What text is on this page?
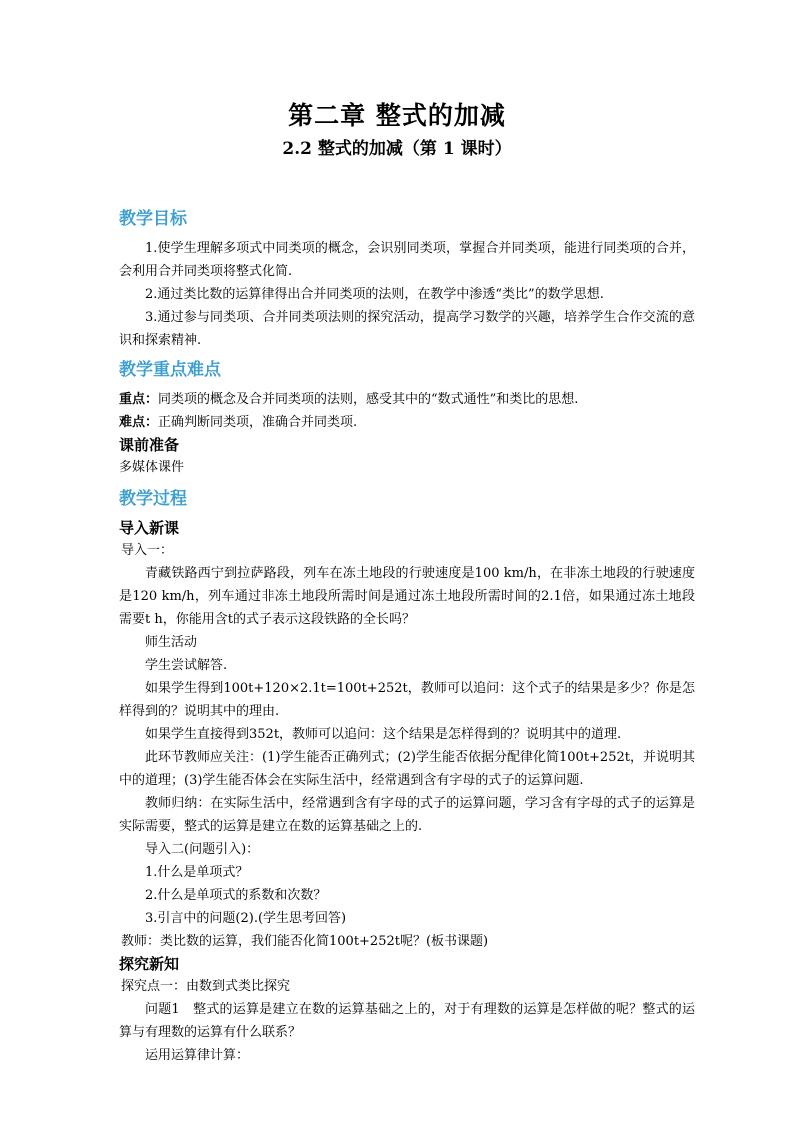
第二章 整式的加减
2.2 整式的加减（第 1 课时）
教学目标

1.使学生理解多项式中同类项的概念，会识别同类项，掌握合并同类项，能进行同类项的合并，会利用合并同类项将整式化简.

2.通过类比数的运算律得出合并同类项的法则，在教学中渗透“类比”的数学思想.

3.通过参与同类项、合并同类项法则的探究活动，提高学习数学的兴趣，培养学生合作交流的意识和探索精神.

教学重点难点

重点：同类项的概念及合并同类项的法则，感受其中的“数式通性”和类比的思想.

难点：正确判断同类项，准确合并同类项.

课前准备

多媒体课件

教学过程
导入新课

导入一：

青藏铁路西宁到拉萨路段，列车在冻土地段的行驶速度是100 km/h，在非冻土地段的行驶速度是120 km/h，列车通过非冻土地段所需时间是通过冻土地段所需时间的2.1倍，如果通过冻土地段需要t h，你能用含t的式子表示这段铁路的全长吗？

师生活动

学生尝试解答.

如果学生得到100t+120×2.1t=100t+252t，教师可以追问：这个式子的结果是多少？你是怎样得到的？说明其中的理由.

如果学生直接得到352t，教师可以追问：这个结果是怎样得到的？说明其中的道理.

此环节教师应关注：(1)学生能否正确列式；(2)学生能否依据分配律化简100t+252t，并说明其中的道理；(3)学生能否体会在实际生活中，经常遇到含有字母的式子的运算问题.

教师归纳：在实际生活中，经常遇到含有字母的式子的运算问题，学习含有字母的式子的运算是实际需要，整式的运算是建立在数的运算基础之上的.

导入二(问题引入)：

1.什么是单项式？

2.什么是单项式的系数和次数？

3.引言中的问题(2).(学生思考回答)

教师：类比数的运算，我们能否化简100t+252t呢？(板书课题)

探究新知

探究点一：由数到式类比探究

问题1　整式的运算是建立在数的运算基础之上的，对于有理数的运算是怎样做的呢？整式的运算与有理数的运算有什么联系？

运用运算律计算：
